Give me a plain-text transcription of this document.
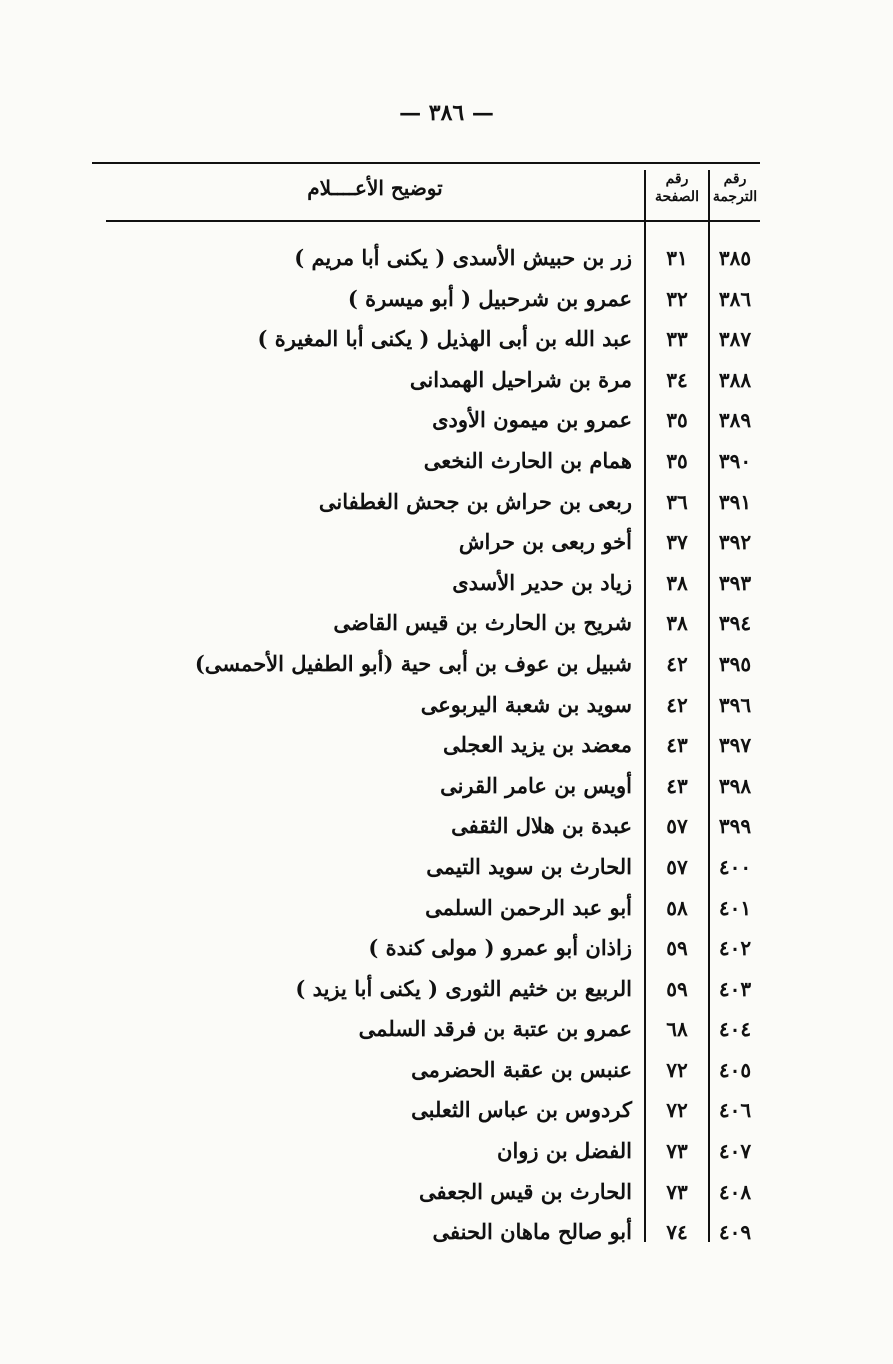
— ٣٨٦ —
رقم
الترجمة
رقم
الصفحة
توضيح الأعــــلام
٣٨٥
٣١
زر بن حبيش الأسدى ( يكنى أبا مريم )
٣٨٦
٣٢
عمرو بن شرحبيل ( أبو ميسرة )
٣٨٧
٣٣
عبد الله بن أبى الهذيل ( يكنى أبا المغيرة )
٣٨٨
٣٤
مرة بن شراحيل الهمدانى
٣٨٩
٣٥
عمرو بن ميمون الأودى
٣٩٠
٣٥
همام بن الحارث النخعى
٣٩١
٣٦
ربعى بن حراش بن جحش الغطفانى
٣٩٢
٣٧
أخو ربعى بن حراش
٣٩٣
٣٨
زياد بن حدير الأسدى
٣٩٤
٣٨
شريح بن الحارث بن قيس القاضى
٣٩٥
٤٢
شبيل بن عوف بن أبى حية (أبو الطفيل الأحمسى)
٣٩٦
٤٢
سويد بن شعبة اليربوعى
٣٩٧
٤٣
معضد بن يزيد العجلى
٣٩٨
٤٣
أويس بن عامر القرنى
٣٩٩
٥٧
عبدة بن هلال الثقفى
٤٠٠
٥٧
الحارث بن سويد التيمى
٤٠١
٥٨
أبو عبد الرحمن السلمى
٤٠٢
٥٩
زاذان أبو عمرو ( مولى كندة )
٤٠٣
٥٩
الربيع بن خثيم الثورى ( يكنى أبا يزيد )
٤٠٤
٦٨
عمرو بن عتبة بن فرقد السلمى
٤٠٥
٧٢
عنبس بن عقبة الحضرمى
٤٠٦
٧٢
كردوس بن عباس الثعلبى
٤٠٧
٧٣
الفضل بن زوان
٤٠٨
٧٣
الحارث بن قيس الجعفى
٤٠٩
٧٤
أبو صالح ماهان الحنفى
